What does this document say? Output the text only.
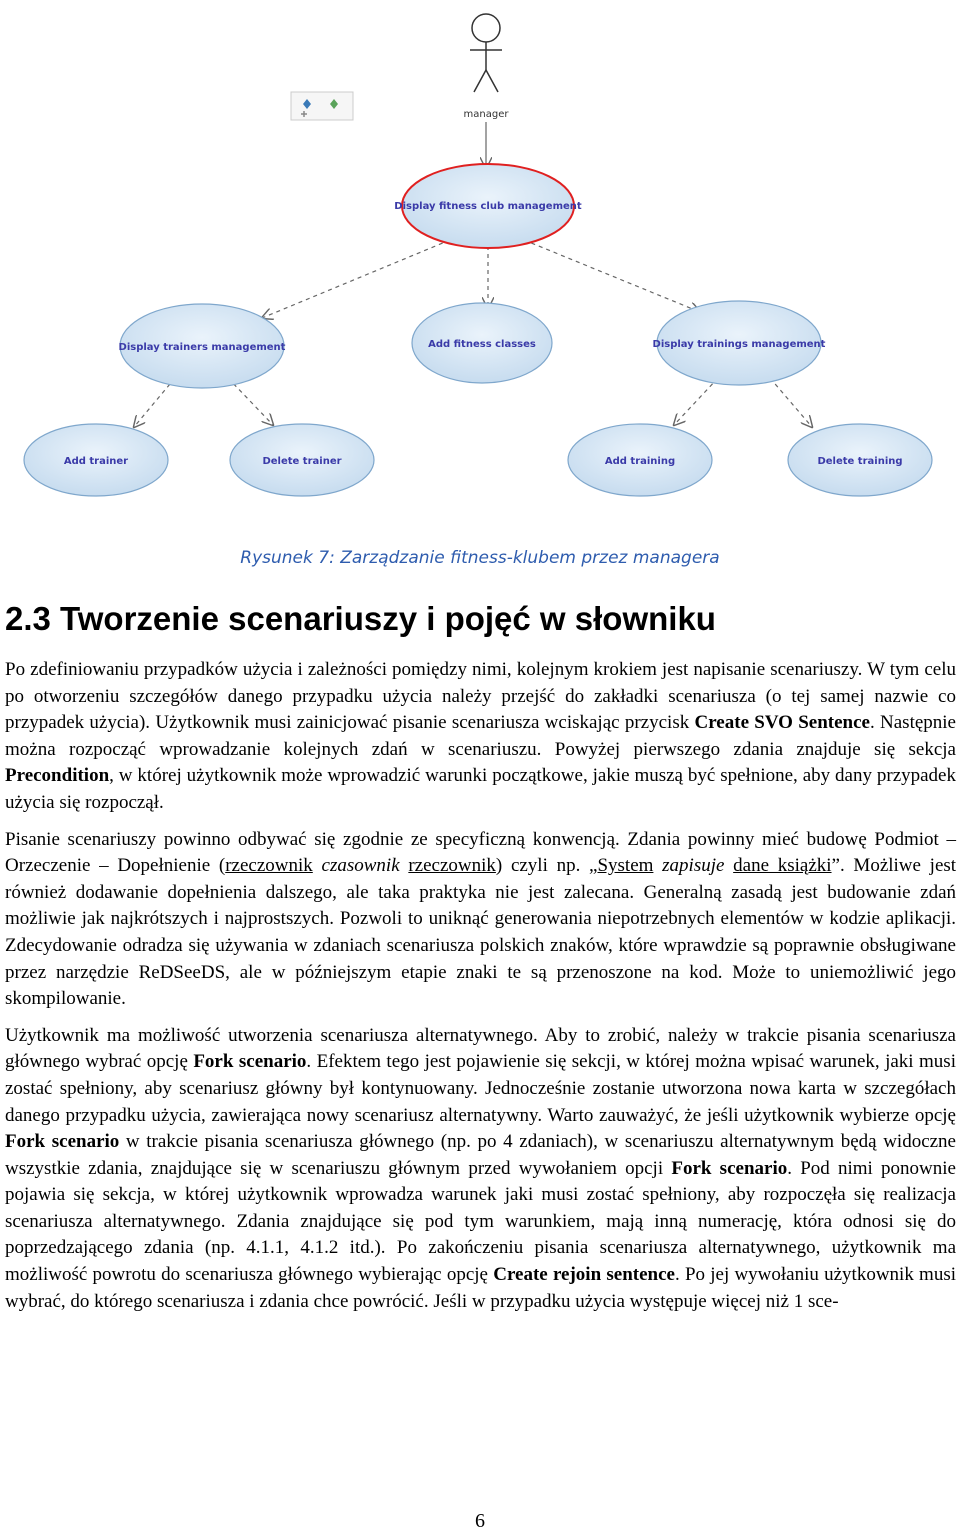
manager
Display fitness club management
Display trainers management	Add fitness classes	Display trainings management
Add trainer	Delete trainer	Add training	Delete training
Rysunek 7: Zarządzanie fitness-klubem przez managera
2.3 Tworzenie scenariuszy i pojęć w słowniku

Po zdefiniowaniu przypadków użycia i zależności pomiędzy nimi, kolejnym krokiem jest napisanie scenariuszy. W tym celu po otworzeniu szczegółów danego przypadku użycia należy przejść do zakładki scenariusza (o tej samej nazwie co przypadek użycia). Użytkownik musi zainicjować pisanie scenariusza wciskając przycisk Create SVO Sentence. Następnie można rozpocząć wprowadzanie kolejnych zdań w scenariuszu. Powyżej pierwszego zdania znajduje się sekcja Precondition, w której użytkownik może wprowadzić warunki początkowe, jakie muszą być spełnione, aby dany przypadek użycia się rozpoczął.

Pisanie scenariuszy powinno odbywać się zgodnie ze specyficzną konwencją. Zdania powinny mieć budowę Podmiot – Orzeczenie – Dopełnienie (rzeczownik czasownik rzeczownik) czyli np. „System zapisuje dane książki”. Możliwe jest również dodawanie dopełnienia dalszego, ale taka praktyka nie jest zalecana. Generalną zasadą jest budowanie zdań możliwie jak najkrótszych i najprostszych. Pozwoli to uniknąć generowania niepotrzebnych elementów w kodzie aplikacji. Zdecydowanie odradza się używania w zdaniach scenariusza polskich znaków, które wprawdzie są poprawnie obsługiwane przez narzędzie ReDSeeDS, ale w późniejszym etapie znaki te są przenoszone na kod. Może to uniemożliwić jego skompilowanie.

Użytkownik ma możliwość utworzenia scenariusza alternatywnego. Aby to zrobić, należy w trakcie pisania scenariusza głównego wybrać opcję Fork scenario. Efektem tego jest pojawienie się sekcji, w której można wpisać warunek, jaki musi zostać spełniony, aby scenariusz główny był kontynuowany. Jednocześnie zostanie utworzona nowa karta w szczegółach danego przypadku użycia, zawierająca nowy scenariusz alternatywny. Warto zauważyć, że jeśli użytkownik wybierze opcję Fork scenario w trakcie pisania scenariusza głównego (np. po 4 zdaniach), w scenariuszu alternatywnym będą widoczne wszystkie zdania, znajdujące się w scenariuszu głównym przed wywołaniem opcji Fork scenario. Pod nimi ponownie pojawia się sekcja, w której użytkownik wprowadza warunek jaki musi zostać spełniony, aby rozpoczęła się realizacja scenariusza alternatywnego. Zdania znajdujące się pod tym warunkiem, mają inną numerację, która odnosi się do poprzedzającego zdania (np. 4.1.1, 4.1.2 itd.). Po zakończeniu pisania scenariusza alternatywnego, użytkownik ma możliwość powrotu do scenariusza głównego wybierając opcję Create rejoin sentence. Po jej wywołaniu użytkownik musi wybrać, do którego scenariusza i zdania chce powrócić. Jeśli w przypadku użycia występuje więcej niż 1 sce-

6
